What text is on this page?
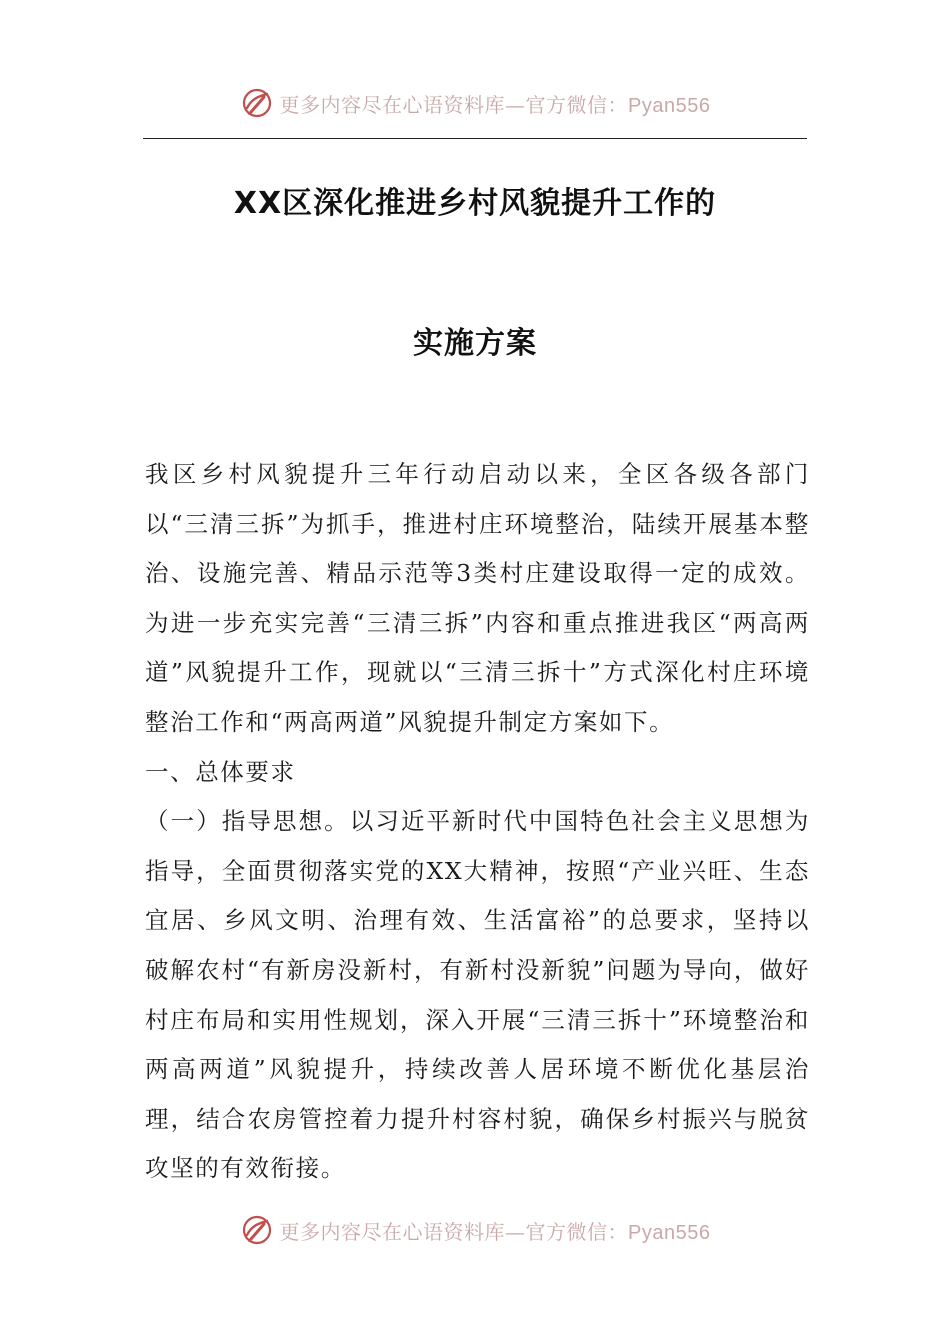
更多内容尽在心语资料库—官方微信：Pyan556
XX区深化推进乡村风貌提升工作的
实施方案

我区乡村风貌提升三年行动启动以来，全区各级各部门以“三清三拆”为抓手，推进村庄环境整治，陆续开展基本整治、设施完善、精品示范等3类村庄建设取得一定的成效。为进一步充实完善“三清三拆”内容和重点推进我区“两高两道”风貌提升工作，现就以“三清三拆十”方式深化村庄环境整治工作和“两高两道”风貌提升制定方案如下。

一、总体要求

（一）指导思想。以习近平新时代中国特色社会主义思想为指导，全面贯彻落实党的XX大精神，按照“产业兴旺、生态宜居、乡风文明、治理有效、生活富裕”的总要求，坚持以破解农村“有新房没新村，有新村没新貌”问题为导向，做好村庄布局和实用性规划，深入开展“三清三拆十”环境整治和两高两道”风貌提升，持续改善人居环境不断优化基层治理，结合农房管控着力提升村容村貌，确保乡村振兴与脱贫攻坚的有效衔接。

更多内容尽在心语资料库—官方微信：Pyan556
